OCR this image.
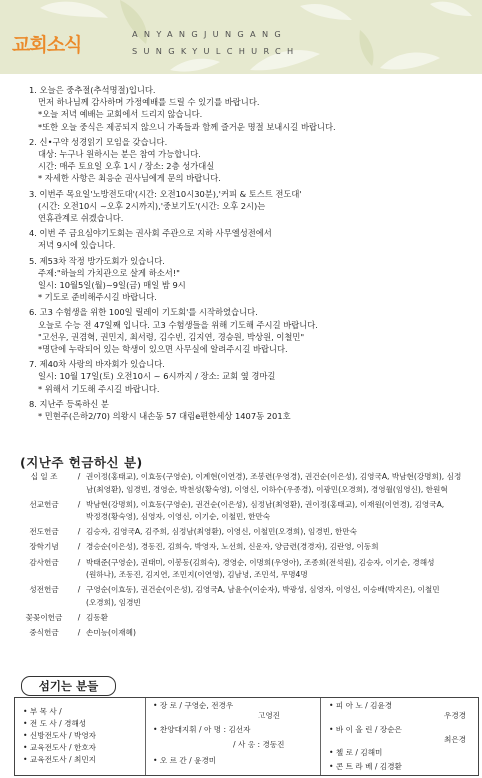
교회소식	ANYANGJUNGANG
SUNGKYULCHURCH
1. 오늘은 중추절(추석명절)입니다.
먼저 하나님께 감사하며 가정예배를 드릴 수 있기를 바랍니다.
*오늘 저녁 예배는 교회에서 드리지 않습니다.
*또한 오늘 중식은 제공되지 않으니 가족들과 함께 즐거운 명절 보내시길 바랍니다.
2. 신•구약 성경읽기 모임을 갖습니다.
대상: 누구나 원하시는 분은 참여 가능합니다.
시간: 매주 토요일 오후 1시 / 장소: 2층 성가대실
* 자세한 사항은 최응순 권사님에게 문의 바랍니다.
3. 이번주 목요일'노방전도대'(시간: 오전10시30분),'커피 & 토스트 전도대'
(시간: 오전10시 ~오후 2시까지),'중보기도'(시간: 오후 2시)는
연휴관계로 쉬겠습니다.
4. 이번 주 금요심야기도회는 권사회 주관으로 지하 사무엘성전에서
저녁 9시에 있습니다.
5. 제53차 작정 방가도회가 있습니다.
주제:"하늘의 가치관으로 살게 하소서!"
일시: 10월5일(월)~9일(금) 매일 밤 9시
* 기도로 준비해주시길 바랍니다.
6. 고3 수험생을 위한 100일 릴레이 기도회'를 시작하였습니다.
오늘로 수능 전 47일째 입니다. 고3 수험생들을 위해 기도해 주시길 바랍니다.
"고선우, 권겸혁, 권민지, 최서령, 김수빈, 김지연, 경승원, 박상원, 이철민"
*명단에 누락되어 있는 학생이 있으면 사무실에 알려주시길 바랍니다.
7. 제40차 사랑의 바자회가 있습니다.
일시: 10월 17일(토) 오전10시 ~ 6시까지 / 장소: 교회 옆 경마길
* 위해서 기도해 주시길 바랍니다.
8. 지난주 등록하신 분
* 민현주(은하2/70) 의왕시 내손동 57 대림e편한세상 1407동 201호
(지난주 헌금하신 분)
십 일 조	/ 권이정(홍태교), 이효동(구영순), 이계현(이연경), 조봉련(우영경), 권건순(이은성), 김영국A, 박남현(강명희), 심정
남(최영환), 임경빈, 경영순, 박천성(황숙영), 이영신, 이하수(우종경), 이광민(오경희), 경영월(임영신), 한원혁
선교헌금	/ 박남현(강명희), 이효동(구영순), 권건순(이은성), 심정남(최영환), 권이정(홍태교), 이재원(이연경), 김영국A,
박정경(황숙영), 심영자, 이영신, 이기순, 이철민, 한만숙
전도헌금	/ 김승자, 김영국A, 김주희, 심정남(최영환), 이영신, 이철민(오경희), 임경빈, 한만숙
장학기념	/ 경승순(이은성), 경동진, 김희숙, 박영자, 노선희, 신운자, 양금련(경경자), 김란영, 이동희
감사헌금	/ 박태준(구영순), 권태미, 이봉동(김희숙), 경영순, 이명희(우영아), 조종희(전석원), 김승자, 이기순, 경해성
(원하나), 조동진, 김지연, 조민지(이연영), 김남녕, 조민석, 무명4명
성전헌금	/ 구영순(이효동), 권건순(이은성), 김영국A, 남윤수(이순자), 박광성, 심영자, 이영신, 이승배(박지은), 이철민
(오경희), 임경빈
꽃꽂이헌금	/ 김동환
중식헌금	/ 손미능(이재혜)
• 부 목 사 /
• 전 도 사 / 경해성
• 신방전도사 / 박영자
• 교육전도사 / 한호자
• 교육전도사 / 최민지
• 장 로 / 구영순, 전경우
고영진
• 찬양대지휘 / 아 명 : 김선자
/ 사 옹 : 경동진
• 오 르 간 / 윤경미
• 피 아 노 / 김윤경
우경경
• 바 이 올 린 / 장순은
최은경
• 첼 로 / 김해미
• 콘 트 라 베 / 김경환
섬기는 분들
